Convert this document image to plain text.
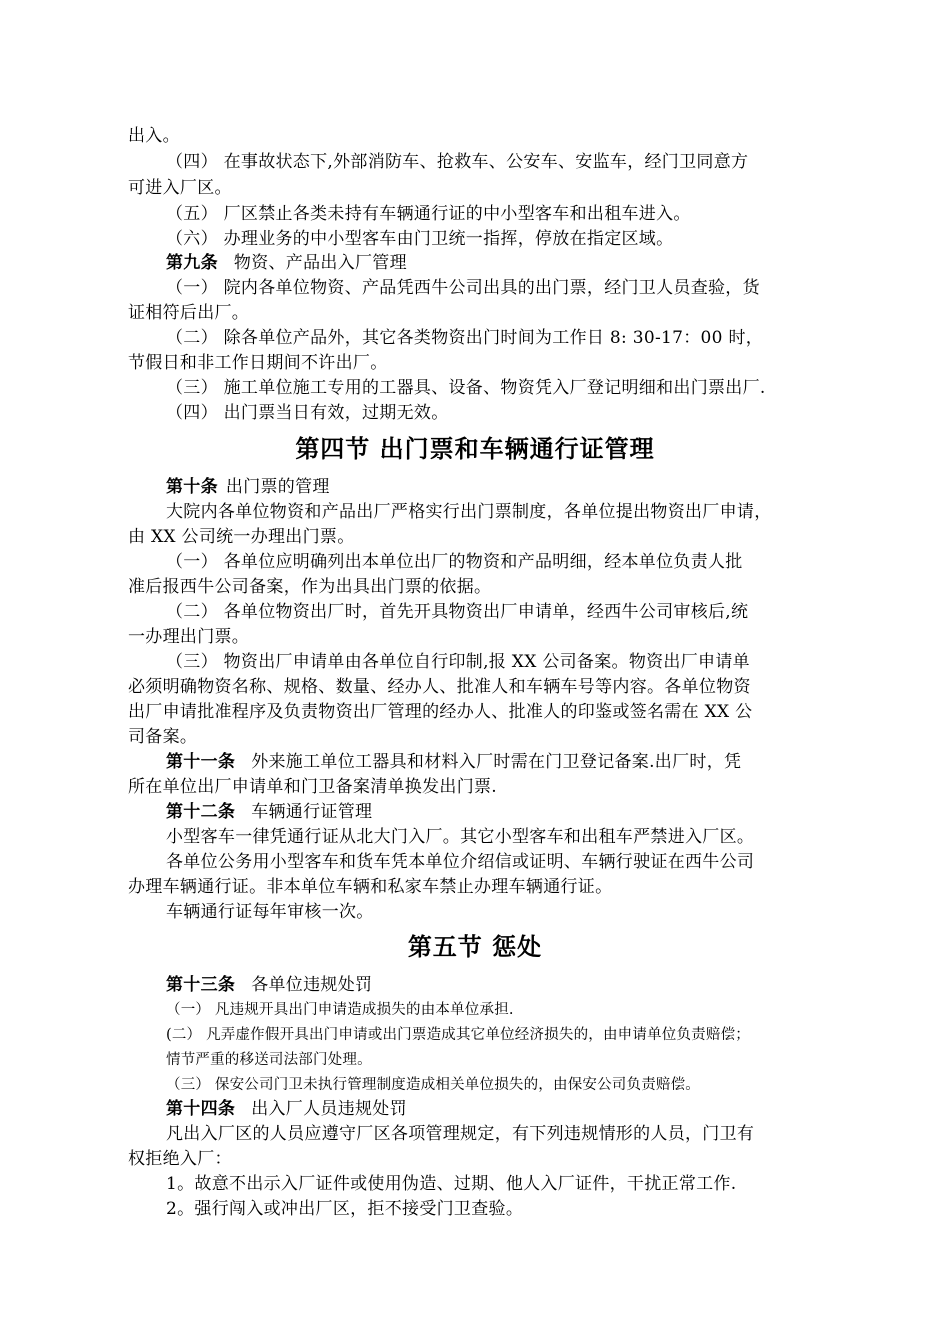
出入。
（四） 在事故状态下,外部消防车、抢救车、公安车、安监车，经门卫同意方
可进入厂区。
（五） 厂区禁止各类未持有车辆通行证的中小型客车和出租车进入。
（六） 办理业务的中小型客车由门卫统一指挥，停放在指定区域。
第九条 物资、产品出入厂管理
（一） 院内各单位物资、产品凭西牛公司出具的出门票，经门卫人员查验，货
证相符后出厂。
（二） 除各单位产品外，其它各类物资出门时间为工作日 8: 30-17：00 时，
节假日和非工作日期间不许出厂。
（三） 施工单位施工专用的工器具、设备、物资凭入厂登记明细和出门票出厂.
（四） 出门票当日有效，过期无效。
第四节 出门票和车辆通行证管理
第十条 出门票的管理
大院内各单位物资和产品出厂严格实行出门票制度，各单位提出物资出厂申请，
由 XX 公司统一办理出门票。
（一） 各单位应明确列出本单位出厂的物资和产品明细，经本单位负责人批
准后报西牛公司备案，作为出具出门票的依据。
（二） 各单位物资出厂时，首先开具物资出厂申请单，经西牛公司审核后,统
一办理出门票。
（三） 物资出厂申请单由各单位自行印制,报 XX 公司备案。物资出厂申请单
必须明确物资名称、规格、数量、经办人、批准人和车辆车号等内容。各单位物资
出厂申请批准程序及负责物资出厂管理的经办人、批准人的印鉴或签名需在 XX 公
司备案。
第十一条 外来施工单位工器具和材料入厂时需在门卫登记备案.出厂时，凭
所在单位出厂申请单和门卫备案清单换发出门票.
第十二条 车辆通行证管理
小型客车一律凭通行证从北大门入厂。其它小型客车和出租车严禁进入厂区。
各单位公务用小型客车和货车凭本单位介绍信或证明、车辆行驶证在西牛公司
办理车辆通行证。非本单位车辆和私家车禁止办理车辆通行证。
车辆通行证每年审核一次。
第五节 惩处
第十三条 各单位违规处罚
（一） 凡违规开具出门申请造成损失的由本单位承担.
(二） 凡弄虚作假开具出门申请或出门票造成其它单位经济损失的，由申请单位负责赔偿；
情节严重的移送司法部门处理。
（三） 保安公司门卫未执行管理制度造成相关单位损失的，由保安公司负责赔偿。
第十四条 出入厂人员违规处罚
凡出入厂区的人员应遵守厂区各项管理规定，有下列违规情形的人员，门卫有
权拒绝入厂：
1。故意不出示入厂证件或使用伪造、过期、他人入厂证件，干扰正常工作.
2。强行闯入或冲出厂区，拒不接受门卫查验。
